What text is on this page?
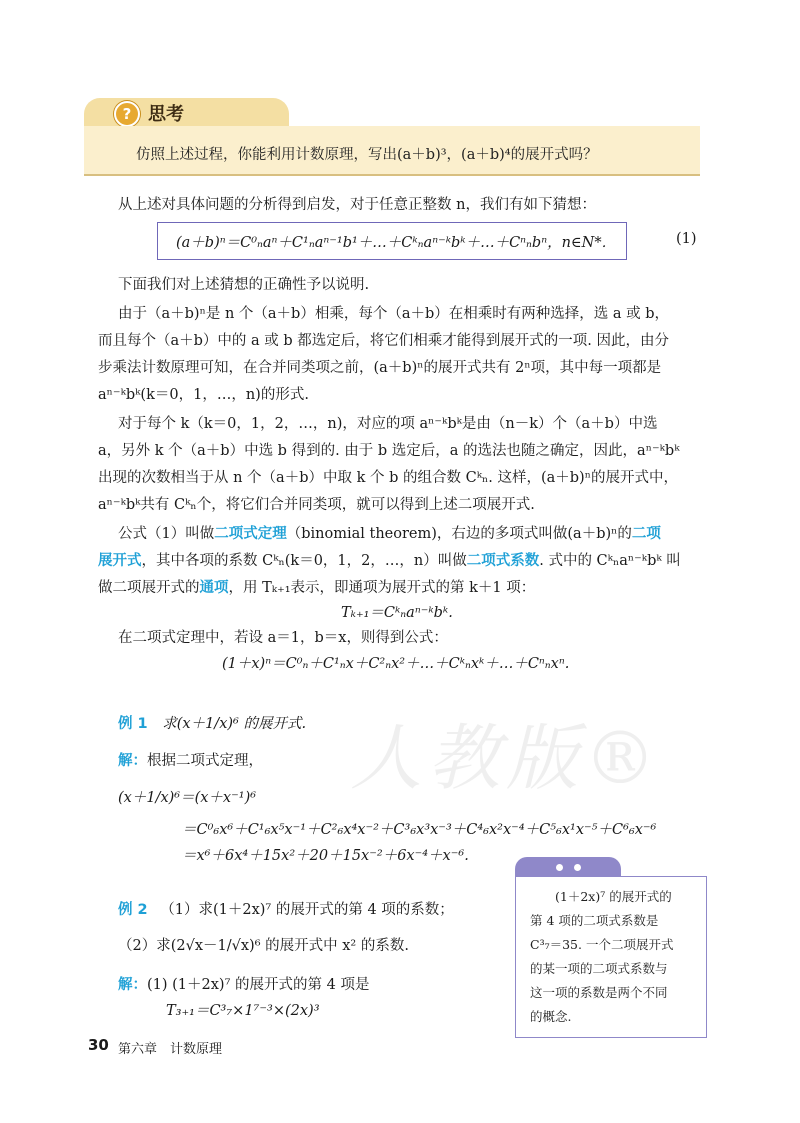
? 思考
仿照上述过程，你能利用计数原理，写出(a＋b)³，(a＋b)⁴的展开式吗？
从上述对具体问题的分析得到启发，对于任意正整数 n，我们有如下猜想：
(a＋b)ⁿ＝C⁰ₙaⁿ＋C¹ₙaⁿ⁻¹b¹＋…＋Cᵏₙaⁿ⁻ᵏbᵏ＋…＋Cⁿₙbⁿ，n∈N*．	(1)
下面我们对上述猜想的正确性予以说明.
由于（a＋b)ⁿ是 n 个（a＋b）相乘，每个（a＋b）在相乘时有两种选择，选 a 或 b，
而且每个（a＋b）中的 a 或 b 都选定后，将它们相乘才能得到展开式的一项. 因此，由分
步乘法计数原理可知，在合并同类项之前，(a＋b)ⁿ的展开式共有 2ⁿ项，其中每一项都是
aⁿ⁻ᵏbᵏ(k＝0，1，…，n)的形式.
对于每个 k（k＝0，1，2，…，n)，对应的项 aⁿ⁻ᵏbᵏ是由（n－k）个（a＋b）中选
a，另外 k 个（a＋b）中选 b 得到的. 由于 b 选定后，a 的选法也随之确定，因此，aⁿ⁻ᵏbᵏ
出现的次数相当于从 n 个（a＋b）中取 k 个 b 的组合数 Cᵏₙ. 这样，(a＋b)ⁿ的展开式中，
aⁿ⁻ᵏbᵏ共有 Cᵏₙ个，将它们合并同类项，就可以得到上述二项展开式.
公式（1）叫做二项式定理（binomial theorem)，右边的多项式叫做(a＋b)ⁿ的二项
展开式，其中各项的系数 Cᵏₙ(k＝0，1，2，…，n）叫做二项式系数. 式中的 Cᵏₙaⁿ⁻ᵏbᵏ 叫
做二项展开式的通项，用 Tₖ₊₁表示，即通项为展开式的第 k＋1 项：
Tₖ₊₁＝Cᵏₙaⁿ⁻ᵏbᵏ.
在二项式定理中，若设 a＝1，b＝x，则得到公式：
(1＋x)ⁿ＝C⁰ₙ＋C¹ₙx＋C²ₙx²＋…＋Cᵏₙxᵏ＋…＋Cⁿₙxⁿ.
人教版®
例 1 求(x＋1/x)⁶ 的展开式.
解：根据二项式定理，
(x＋1/x)⁶＝(x＋x⁻¹)⁶
＝C⁰₆x⁶＋C¹₆x⁵x⁻¹＋C²₆x⁴x⁻²＋C³₆x³x⁻³＋C⁴₆x²x⁻⁴＋C⁵₆x¹x⁻⁵＋C⁶₆x⁻⁶
＝x⁶＋6x⁴＋15x²＋20＋15x⁻²＋6x⁻⁴＋x⁻⁶.
例 2 （1）求(1＋2x)⁷ 的展开式的第 4 项的系数；
（2）求(2√x－1/√x)⁶ 的展开式中 x² 的系数.
解：(1) (1＋2x)⁷ 的展开式的第 4 项是
T₃₊₁＝C³₇×1⁷⁻³×(2x)³
(1＋2x)⁷ 的展开式的
第 4 项的二项式系数是
C³₇＝35. 一个二项展开式
的某一项的二项式系数与
这一项的系数是两个不同
的概念.
30 第六章　计数原理
